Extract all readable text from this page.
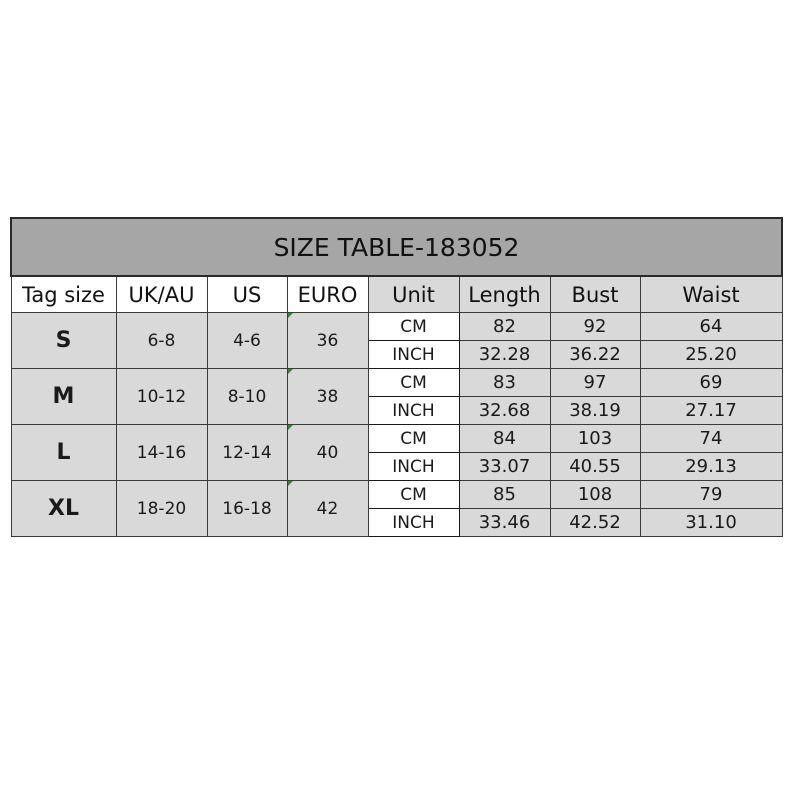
SIZE TABLE-183052							
Tag size	UK/AU	US	EURO	Unit	Length	Bust	Waist
S	6-8	4-6	36	CM	82	92	64
				INCH	32.28	36.22	25.20
M	10-12	8-10	38	CM	83	97	69
				INCH	32.68	38.19	27.17
L	14-16	12-14	40	CM	84	103	74
				INCH	33.07	40.55	29.13
XL	18-20	16-18	42	CM	85	108	79
				INCH	33.46	42.52	31.10
